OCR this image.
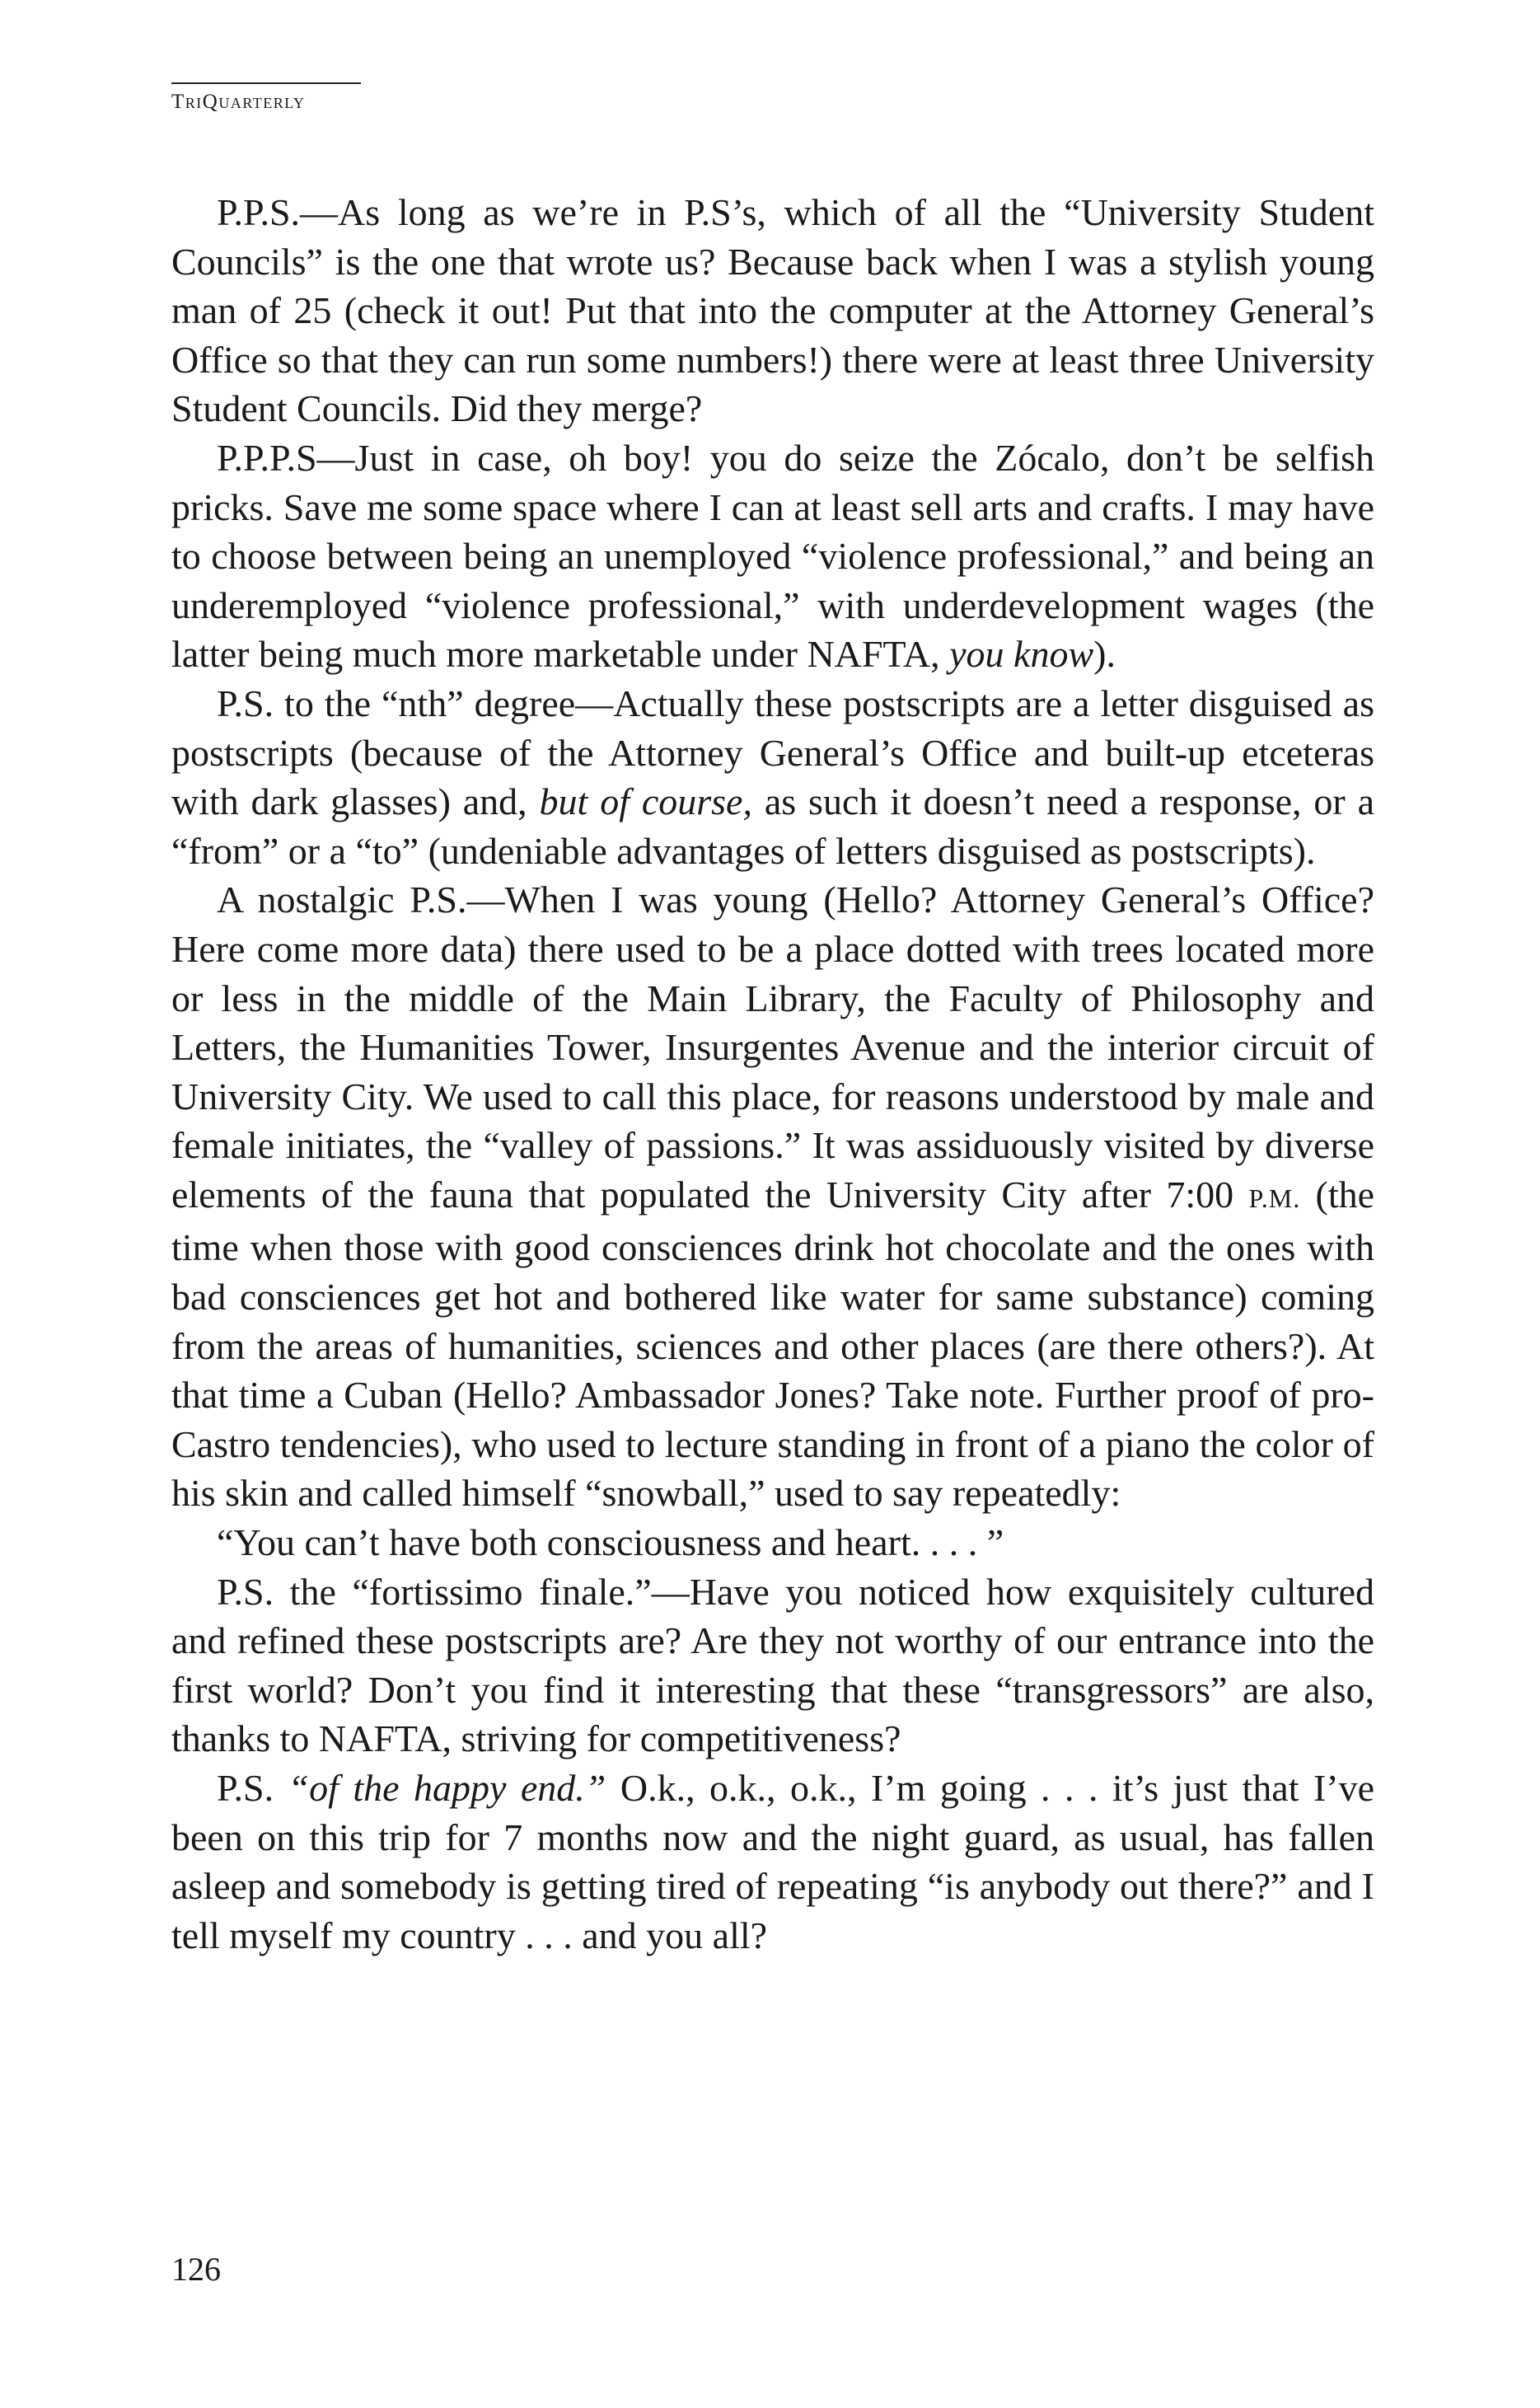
TriQuarterly

P.P.S.—As long as we’re in P.S’s, which of all the “University Student Councils” is the one that wrote us? Because back when I was a stylish young man of 25 (check it out! Put that into the computer at the Attorney General’s Office so that they can run some numbers!) there were at least three University Student Councils. Did they merge?

P.P.P.S—Just in case, oh boy! you do seize the Zócalo, don’t be selfish pricks. Save me some space where I can at least sell arts and crafts. I may have to choose between being an unemployed “violence professional,” and being an underemployed “violence professional,” with underdevelopment wages (the latter being much more marketable under NAFTA, you know).

P.S. to the “nth” degree—Actually these postscripts are a letter disguised as postscripts (because of the Attorney General’s Office and built-up etceteras with dark glasses) and, but of course, as such it doesn’t need a response, or a “from” or a “to” (undeniable advantages of letters disguised as postscripts).

A nostalgic P.S.—When I was young (Hello? Attorney General’s Office? Here come more data) there used to be a place dotted with trees located more or less in the middle of the Main Library, the Faculty of Philosophy and Letters, the Humanities Tower, Insurgentes Avenue and the interior circuit of University City. We used to call this place, for reasons understood by male and female initiates, the “valley of passions.” It was assiduously visited by diverse elements of the fauna that populated the University City after 7:00 P.M. (the time when those with good consciences drink hot chocolate and the ones with bad consciences get hot and bothered like water for same substance) coming from the areas of humanities, sciences and other places (are there others?). At that time a Cuban (Hello? Ambassador Jones? Take note. Further proof of pro-Castro tendencies), who used to lecture standing in front of a piano the color of his skin and called himself “snowball,” used to say repeatedly:

“You can’t have both consciousness and heart. . . . ”

P.S. the “fortissimo finale.”—Have you noticed how exquisitely cultured and refined these postscripts are? Are they not worthy of our entrance into the first world? Don’t you find it interesting that these “transgressors” are also, thanks to NAFTA, striving for competitiveness?

P.S. “of the happy end.” O.k., o.k., o.k., I’m going . . . it’s just that I’ve been on this trip for 7 months now and the night guard, as usual, has fallen asleep and somebody is getting tired of repeating “is anybody out there?” and I tell myself my country . . . and you all?

126
